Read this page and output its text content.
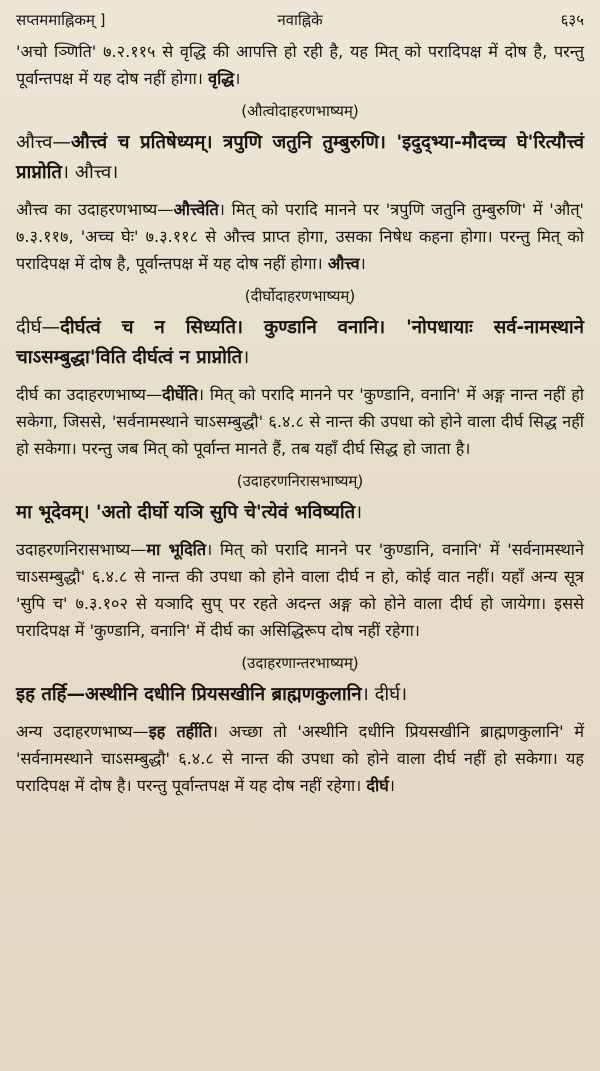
सप्तममाह्निकम् ]	नवाह्निके	६३५

'अचो ञ्णिति' ७.२.११५ से वृद्धि की आपत्ति हो रही है, यह मित् को परादिपक्ष में दोष है, परन्तु पूर्वान्तपक्ष में यह दोष नहीं होगा। वृद्धि।

(औत्वोदाहरणभाष्यम्)

औत्त्व—औत्त्वं च प्रतिषेध्यम्। त्रपुणि जतुनि तुम्बुरुणि। 'इदुद्भ्या-मौदच्च घे'रित्यौत्त्वं प्राप्नोति। औत्त्व।

औत्त्व का उदाहरणभाष्य—औत्त्वेति। मित् को परादि मानने पर 'त्रपुणि जतुनि तुम्बुरुणि' में 'औत्' ७.३.११७, 'अच्च घेः' ७.३.११८ से औत्त्व प्राप्त होगा, उसका निषेध कहना होगा। परन्तु मित् को परादिपक्ष में दोष है, पूर्वान्तपक्ष में यह दोष नहीं होगा। औत्त्व।

(दीर्घोदाहरणभाष्यम्)

दीर्घ—दीर्घत्वं च न सिध्यति। कुण्डानि वनानि। 'नोपधायाः सर्व-नामस्थाने चाऽसम्बुद्धा'विति दीर्घत्वं न प्राप्नोति।

दीर्घ का उदाहरणभाष्य—दीर्घेति। मित् को परादि मानने पर 'कुण्डानि, वनानि' में अङ्ग नान्त नहीं हो सकेगा, जिससे, 'सर्वनामस्थाने चाऽसम्बुद्धौ' ६.४.८ से नान्त की उपधा को होने वाला दीर्घ सिद्ध नहीं हो सकेगा। परन्तु जब मित् को पूर्वान्त मानते हैं, तब यहाँ दीर्घ सिद्ध हो जाता है।

(उदाहरणनिरासभाष्यम्)

मा भूदेवम्। 'अतो दीर्घो यञि सुपि चे'त्येवं भविष्यति।

उदाहरणनिरासभाष्य—मा भूदिति। मित् को परादि मानने पर 'कुण्डानि, वनानि' में 'सर्वनामस्थाने चाऽसम्बुद्धौ' ६.४.८ से नान्त की उपधा को होने वाला दीर्घ न हो, कोई वात नहीं। यहाँ अन्य सूत्र 'सुपि च' ७.३.१०२ से यञादि सुप् पर रहते अदन्त अङ्ग को होने वाला दीर्घ हो जायेगा। इससे परादिपक्ष में 'कुण्डानि, वनानि' में दीर्घ का असिद्धिरूप दोष नहीं रहेगा।

(उदाहरणान्तरभाष्यम्)

इह तर्हि—अस्थीनि दधीनि प्रियसखीनि ब्राह्मणकुलानि। दीर्घ।

अन्य उदाहरणभाष्य—इह तर्हीति। अच्छा तो 'अस्थीनि दधीनि प्रियसखीनि ब्राह्मणकुलानि' में 'सर्वनामस्थाने चाऽसम्बुद्धौ' ६.४.८ से नान्त की उपधा को होने वाला दीर्घ नहीं हो सकेगा। यह परादिपक्ष में दोष है। परन्तु पूर्वान्तपक्ष में यह दोष नहीं रहेगा। दीर्घ।
